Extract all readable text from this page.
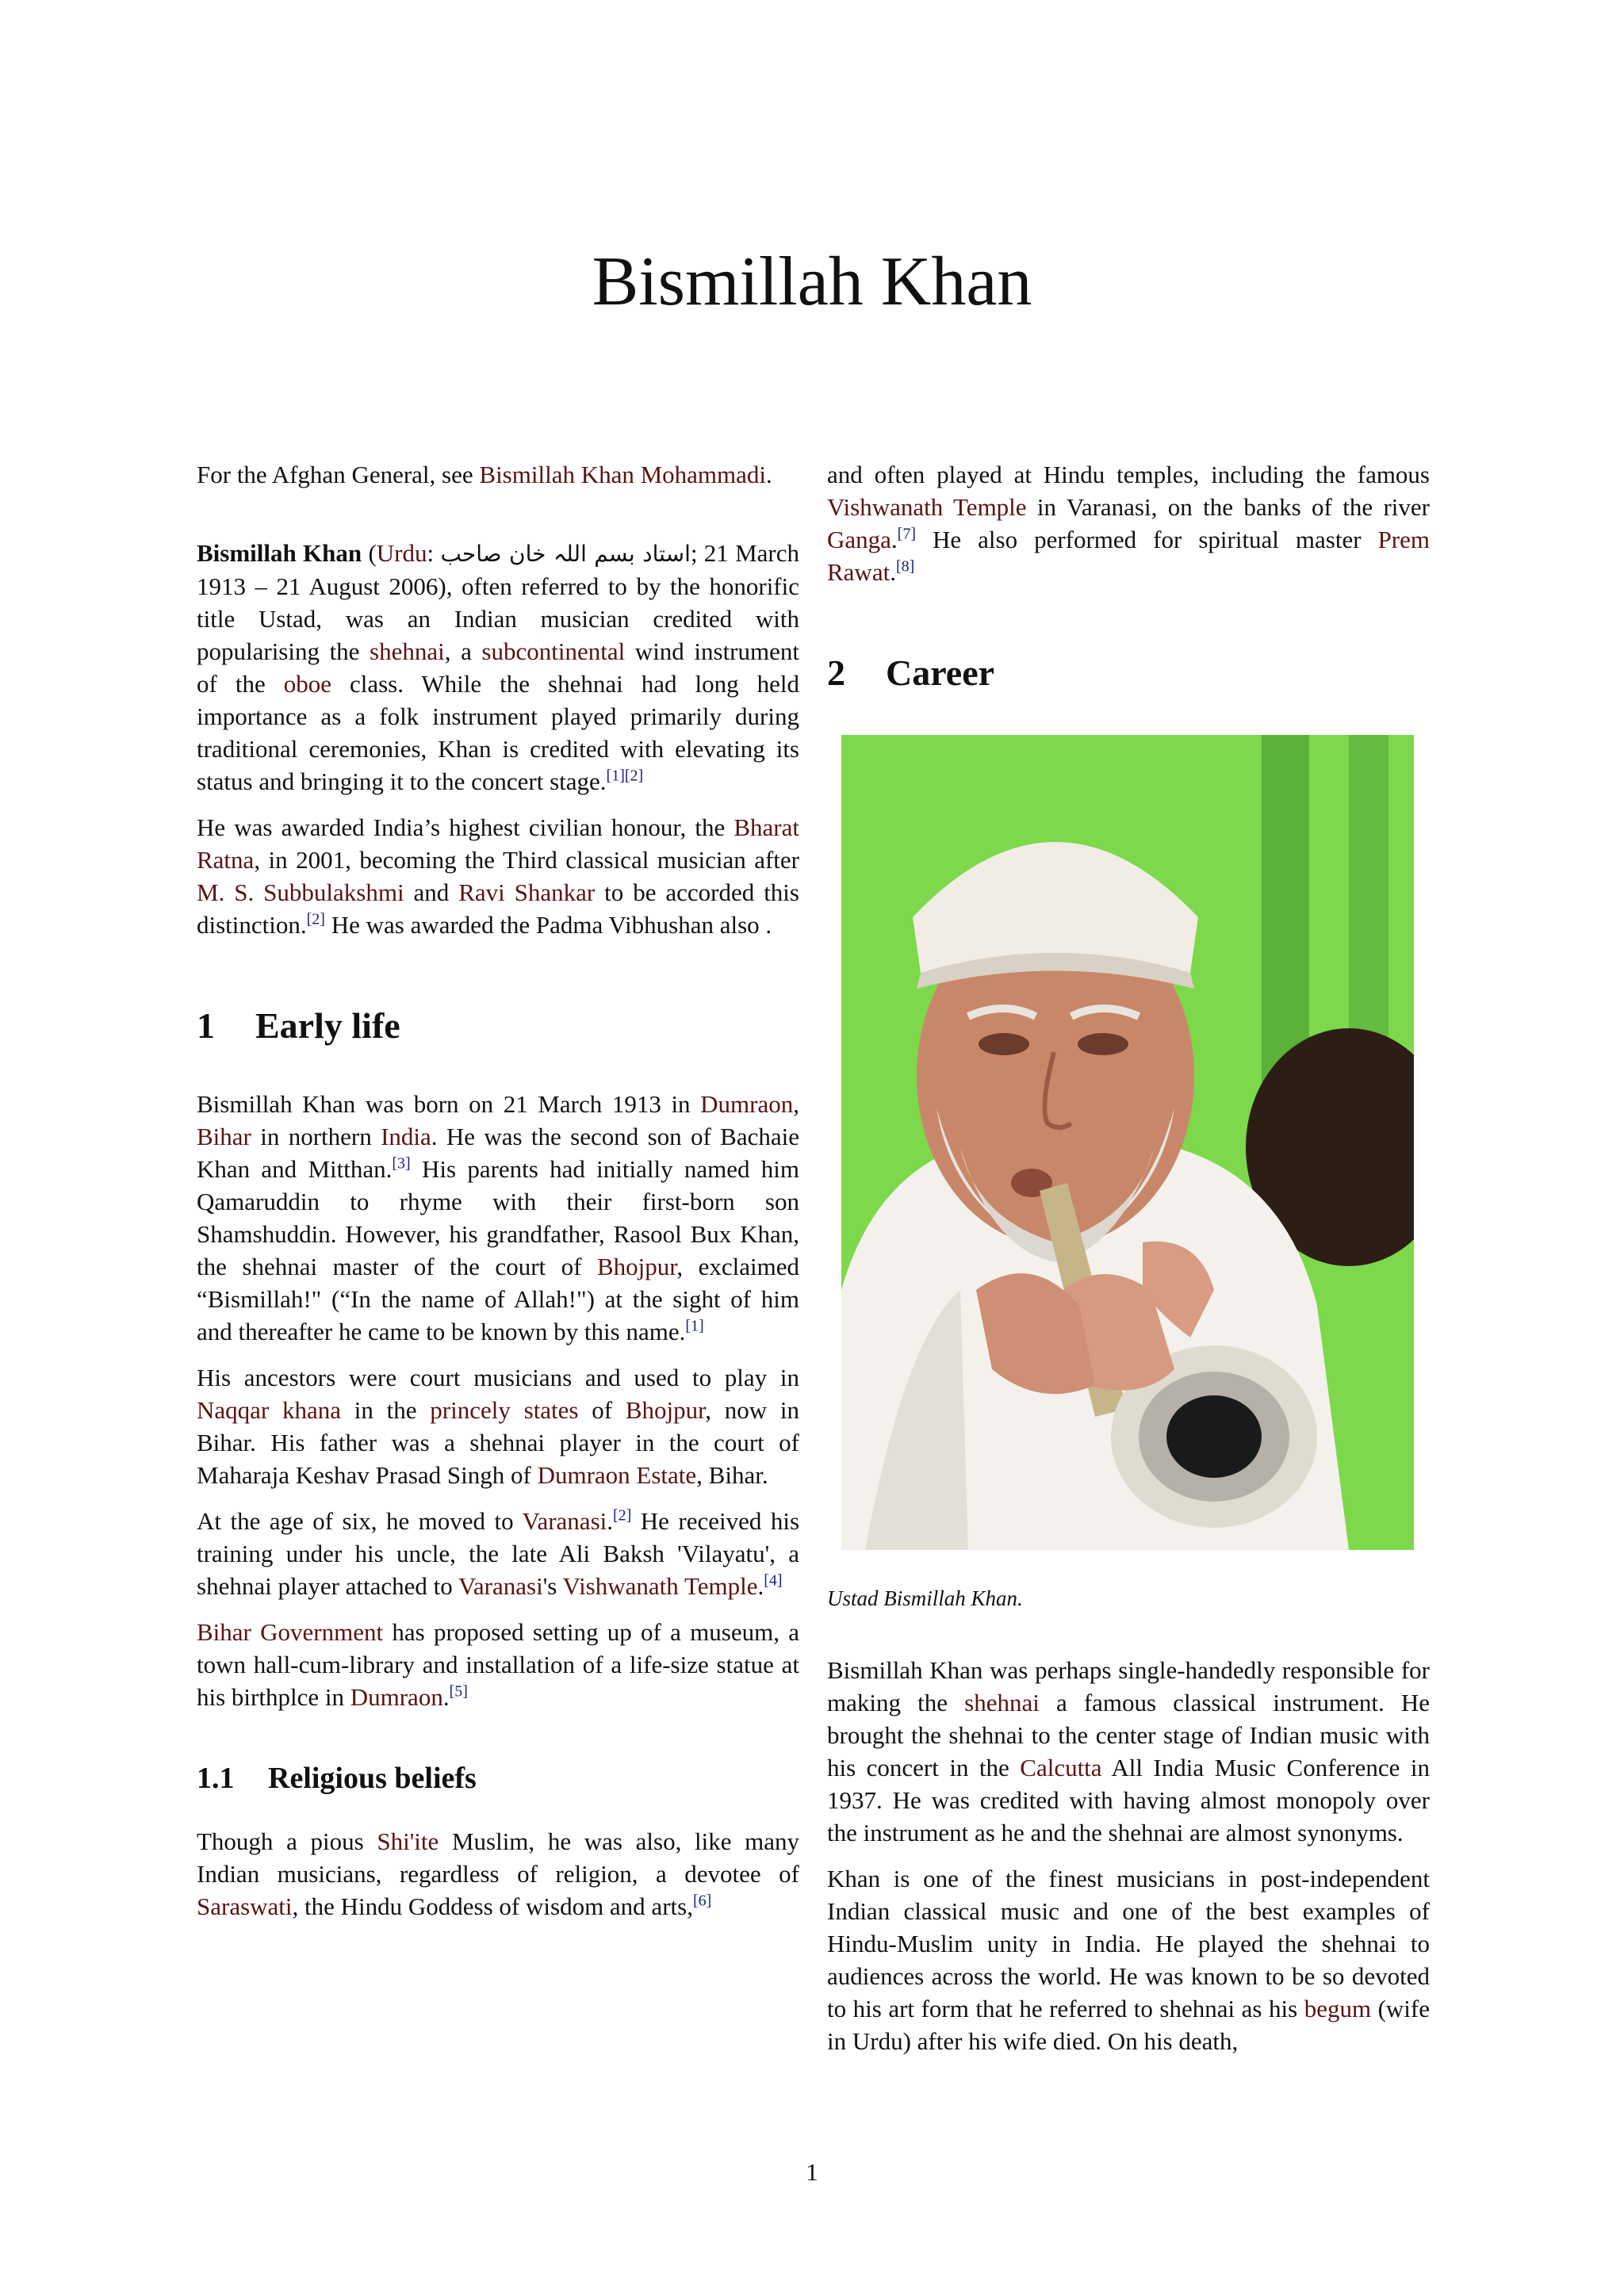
Bismillah Khan

For the Afghan General, see Bismillah Khan Mohammadi.

Bismillah Khan (Urdu: استاد بسم اللہ خان صاحب; 21 March 1913 – 21 August 2006), often referred to by the honorific title Ustad, was an Indian musician credited with popularising the shehnai, a subcontinental wind instrument of the oboe class. While the shehnai had long held importance as a folk instrument played primarily during traditional ceremonies, Khan is credited with elevating its status and bringing it to the concert stage.[1][2]

He was awarded India’s highest civilian honour, the Bharat Ratna, in 2001, becoming the Third classical musician after M. S. Subbulakshmi and Ravi Shankar to be accorded this distinction.[2] He was awarded the Padma Vibhushan also .

1 Early life

Bismillah Khan was born on 21 March 1913 in Dumraon, Bihar in northern India. He was the second son of Bachaie Khan and Mitthan.[3] His parents had initially named him Qamaruddin to rhyme with their first-born son Shamshuddin. However, his grandfather, Rasool Bux Khan, the shehnai master of the court of Bhojpur, exclaimed “Bismillah!" (“In the name of Allah!") at the sight of him and thereafter he came to be known by this name.[1]

His ancestors were court musicians and used to play in Naqqar khana in the princely states of Bhojpur, now in Bihar. His father was a shehnai player in the court of Maharaja Keshav Prasad Singh of Dumraon Estate, Bihar.

At the age of six, he moved to Varanasi.[2] He received his training under his uncle, the late Ali Baksh 'Vilayatu', a shehnai player attached to Varanasi's Vishwanath Temple.[4]

Bihar Government has proposed setting up of a museum, a town hall-cum-library and installation of a life-size statue at his birthplce in Dumraon.[5]

1.1 Religious beliefs

Though a pious Shi'ite Muslim, he was also, like many Indian musicians, regardless of religion, a devotee of Saraswati, the Hindu Goddess of wisdom and arts,[6]

and often played at Hindu temples, including the famous Vishwanath Temple in Varanasi, on the banks of the river Ganga.[7] He also performed for spiritual master Prem Rawat.[8]

2 Career
Ustad Bismillah Khan.

Bismillah Khan was perhaps single-handedly responsible for making the shehnai a famous classical instrument. He brought the shehnai to the center stage of Indian music with his concert in the Calcutta All India Music Conference in 1937. He was credited with having almost monopoly over the instrument as he and the shehnai are almost synonyms.

Khan is one of the finest musicians in post-independent Indian classical music and one of the best examples of Hindu-Muslim unity in India. He played the shehnai to audiences across the world. He was known to be so devoted to his art form that he referred to shehnai as his begum (wife in Urdu) after his wife died. On his death,

1
